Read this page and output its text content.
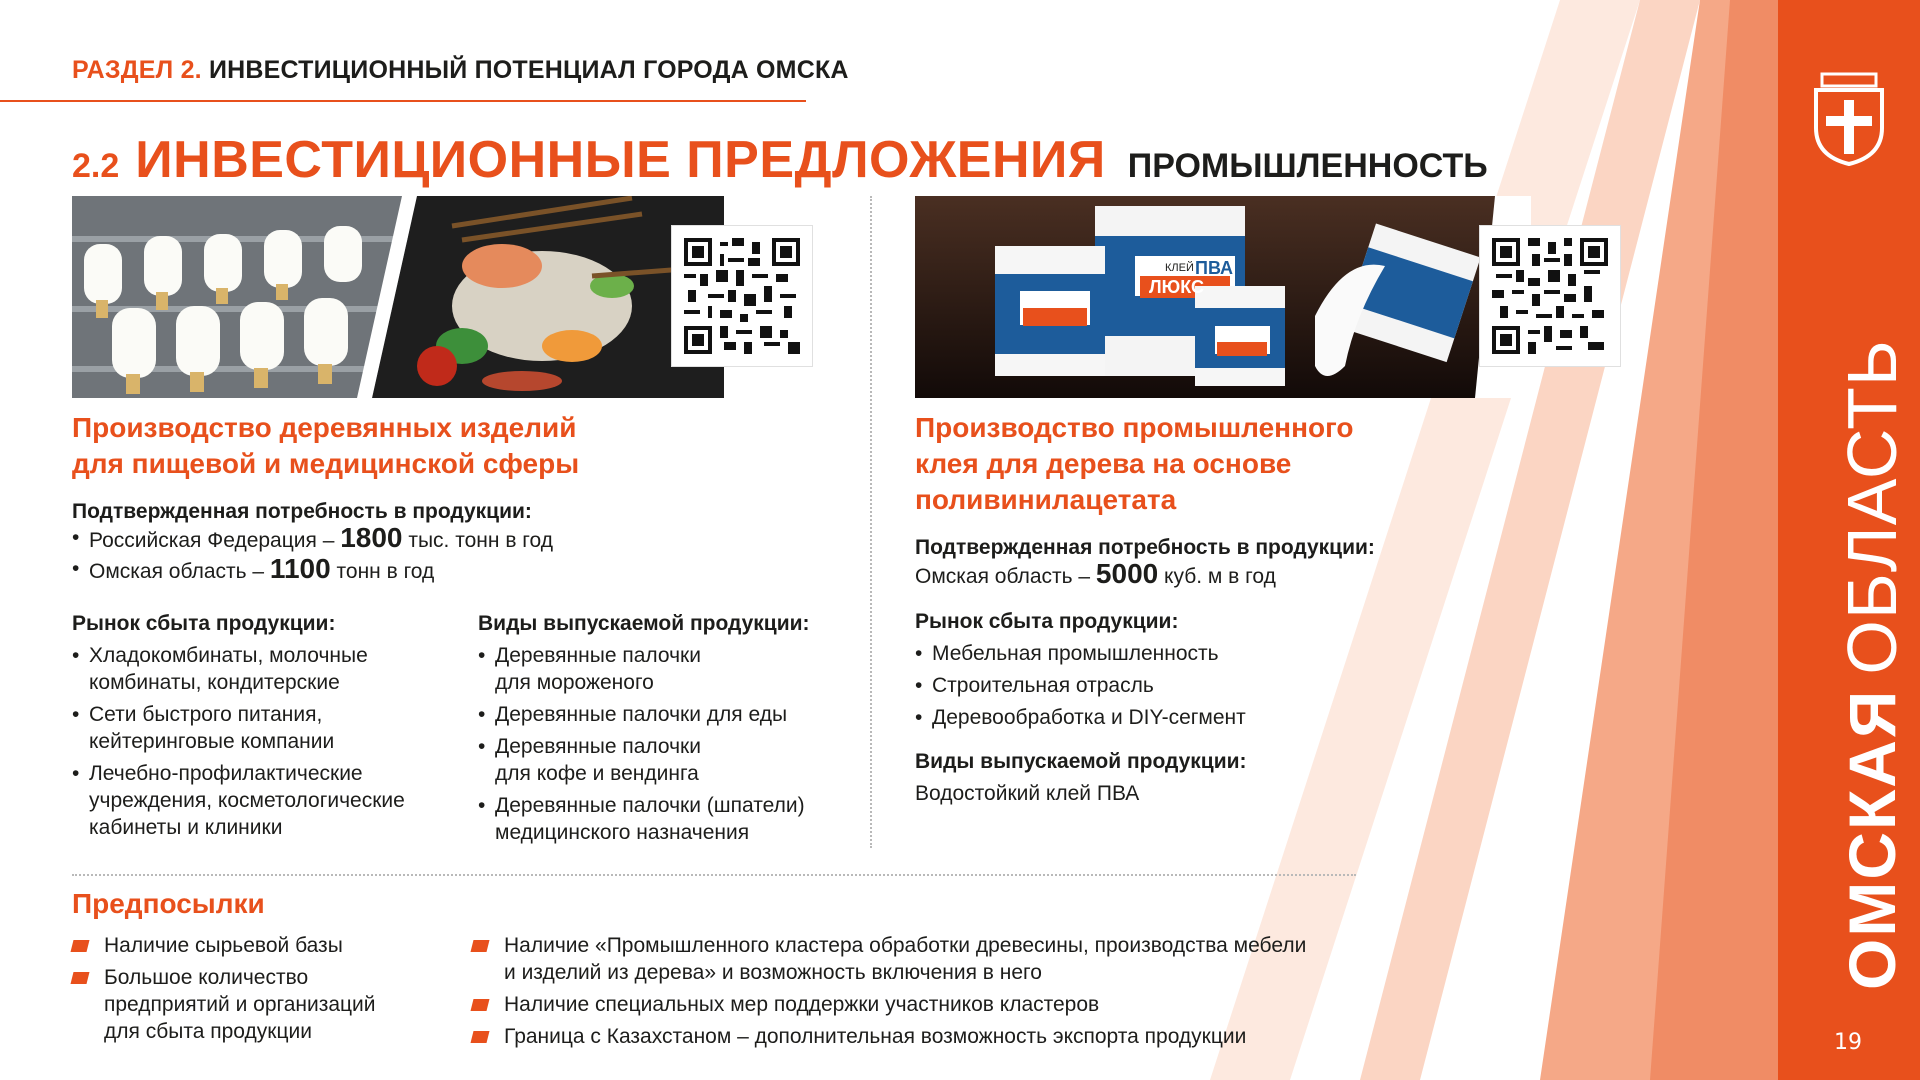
ОМСКАЯ
ОБЛАСТЬ
19
РАЗДЕЛ 2. ИНВЕСТИЦИОННЫЙ ПОТЕНЦИАЛ ГОРОДА ОМСКА
2.2 ИНВЕСТИЦИОННЫЕ ПРЕДЛОЖЕНИЯ ПРОМЫШЛЕННОСТЬ
КЛЕЙ ПВА
ЛЮКС
Производство деревянных изделий
для пищевой и медицинской сферы
Подтвержденная потребность в продукции:
• Российская Федерация – 1800 тыс. тонн в год
• Омская область – 1100 тонн в год
Рынок сбыта продукции:
• Хладокомбинаты, молочные
комбинаты, кондитерские
• Сети быстрого питания,
кейтеринговые компании
• Лечебно-профилактические
учреждения, косметологические
кабинеты и клиники
Виды выпускаемой продукции:
• Деревянные палочки
для мороженого
• Деревянные палочки для еды
• Деревянные палочки
для кофе и вендинга
• Деревянные палочки (шпатели)
медицинского назначения
Производство промышленного
клея для дерева на основе
поливинилацетата
Подтвержденная потребность в продукции:
Омская область – 5000 куб. м в год
Рынок сбыта продукции:
• Мебельная промышленность
• Строительная отрасль
• Деревообработка и DIY-сегмент
Виды выпускаемой продукции:
Водостойкий клей ПВА
Предпосылки
Наличие сырьевой базы
Большое количество
предприятий и организаций
для сбыта продукции
Наличие «Промышленного кластера обработки древесины, производства мебели
и изделий из дерева» и возможность включения в него
Наличие специальных мер поддержки участников кластеров
Граница с Казахстаном – дополнительная возможность экспорта продукции
